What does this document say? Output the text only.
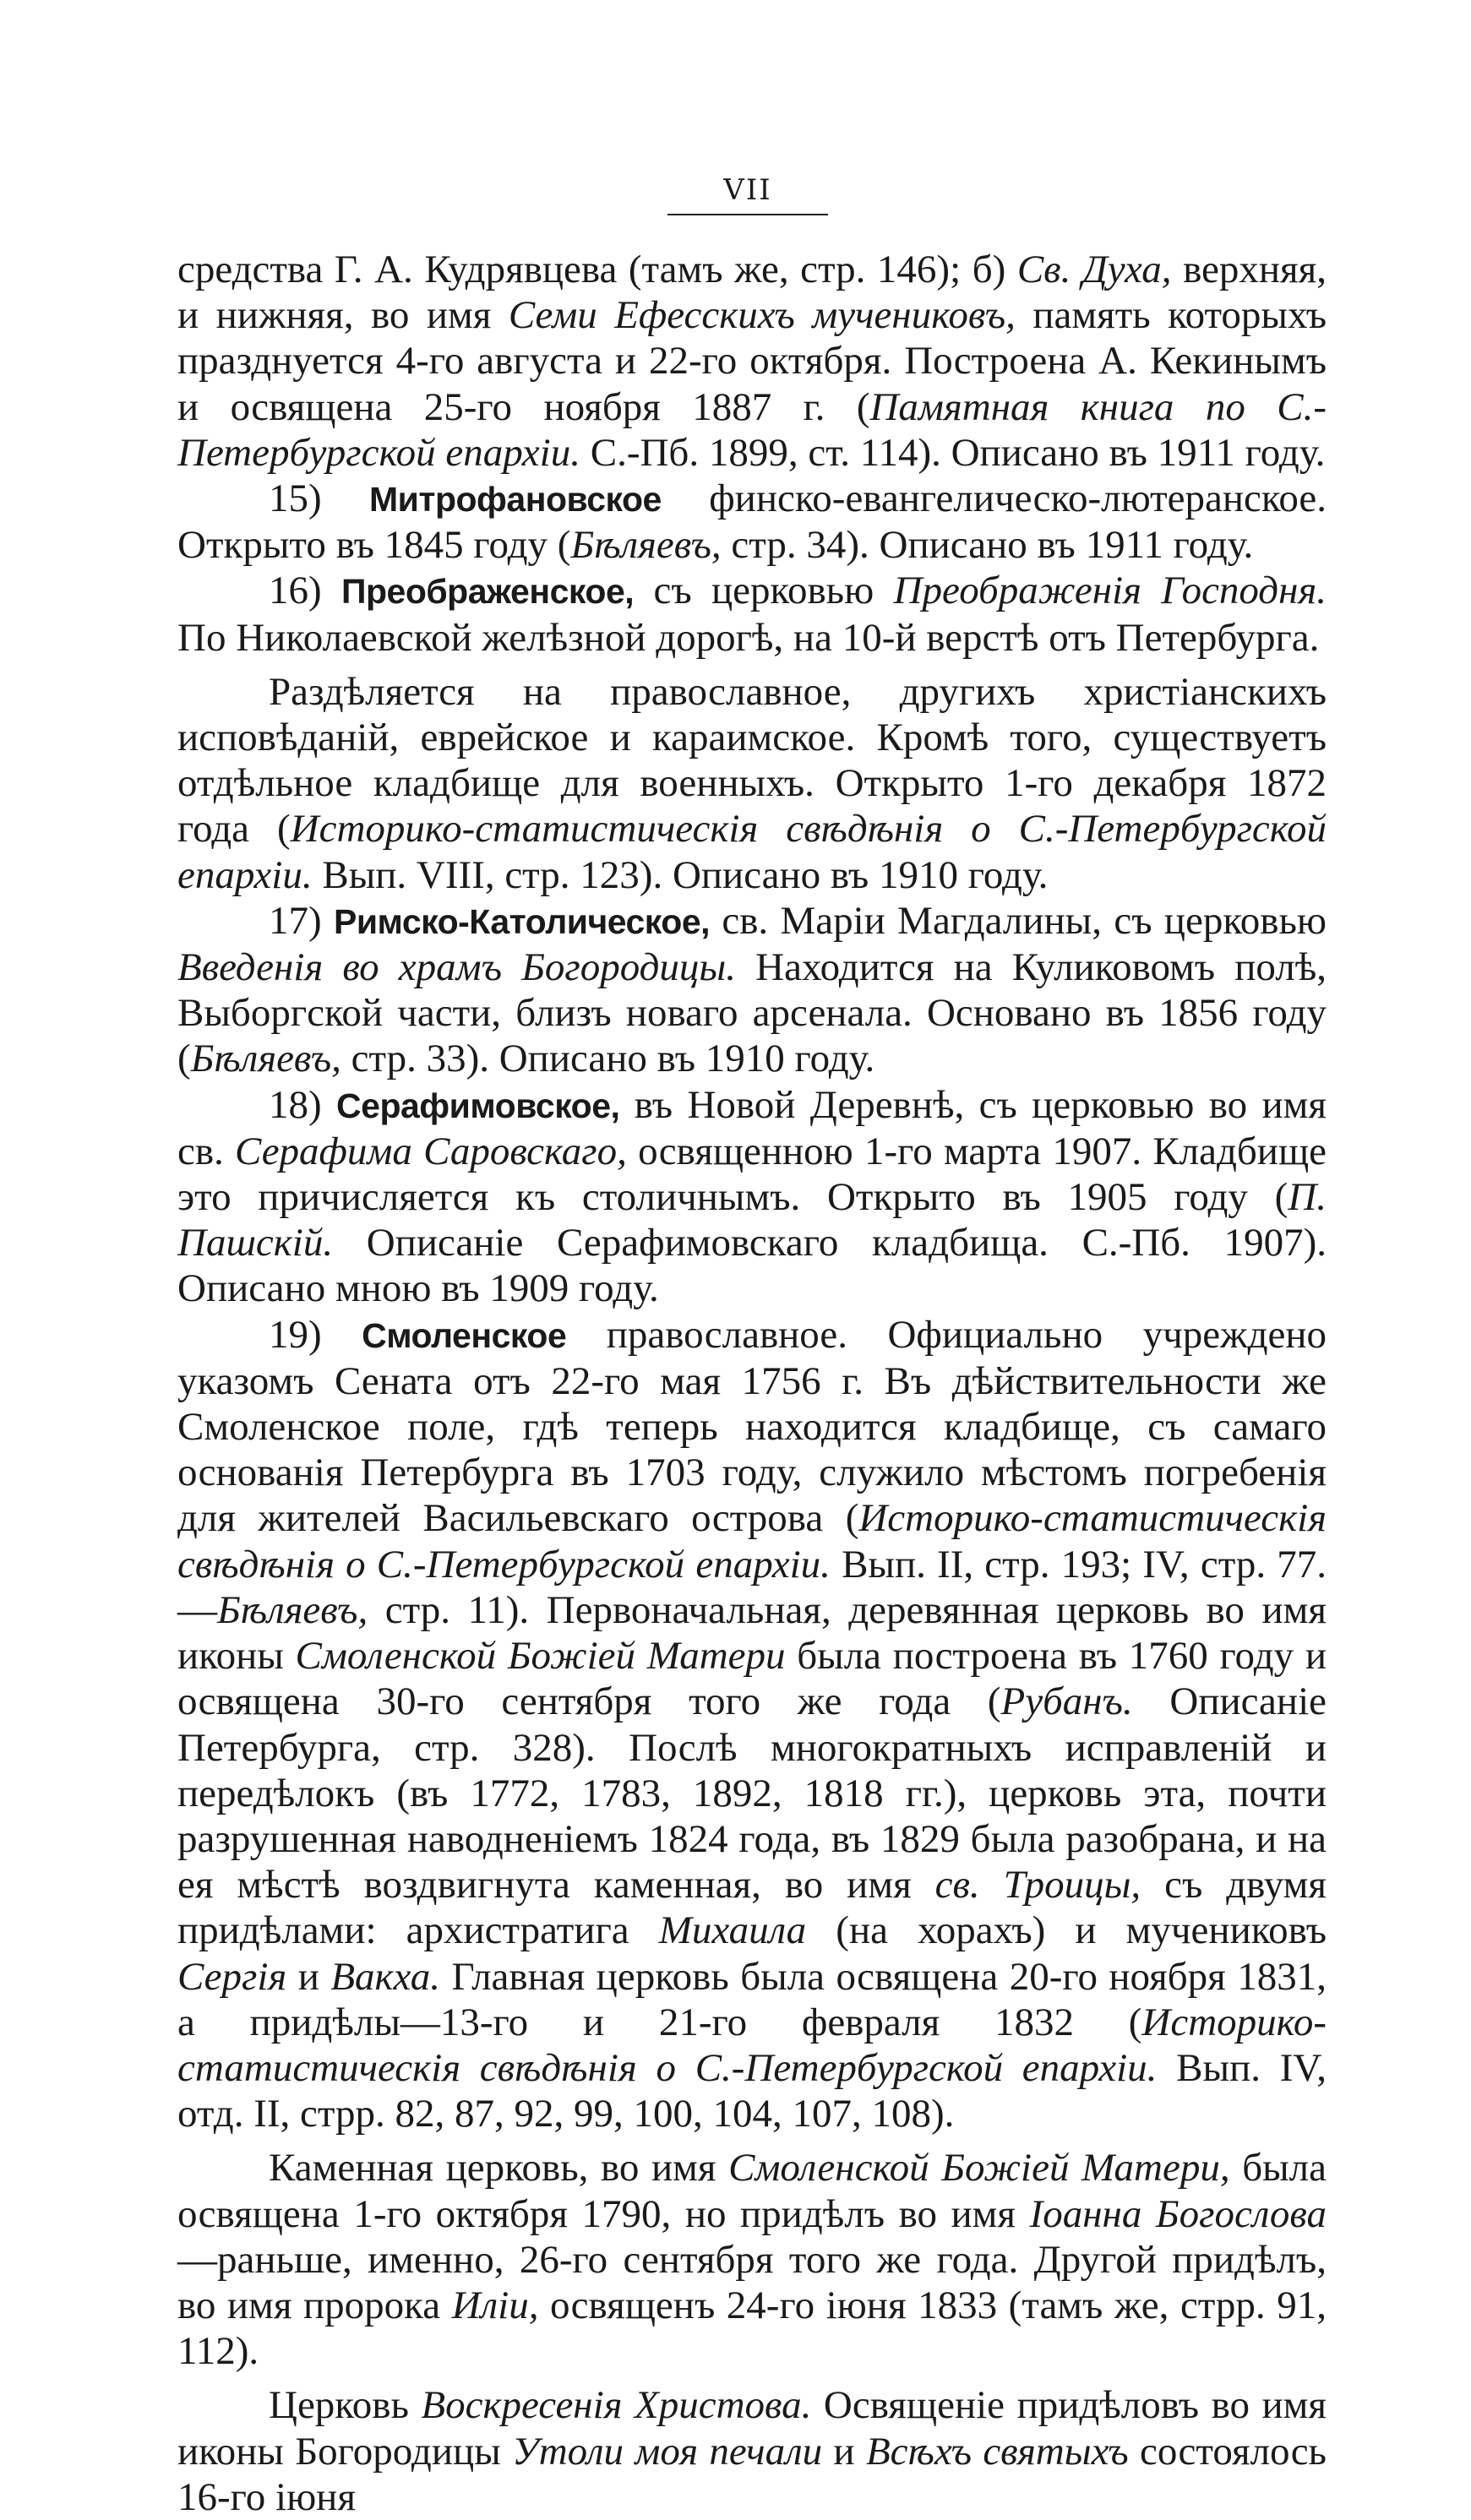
VII

средства Г. А. Кудрявцева (тамъ же, стр. 146); б) Св. Духа, верхняя, и нижняя, во имя Семи Ефесскихъ мучениковъ, память которыхъ празднуется 4-го августа и 22-го октября. Построена А. Кекинымъ и освящена 25-го ноября 1887 г. (Памятная книга по С.-Петербургской епархіи. С.-Пб. 1899, ст. 114). Описано въ 1911 году.

15) Митрофановское финско-евангелическо-лютеранское. Открыто въ 1845 году (Бѣляевъ, стр. 34). Описано въ 1911 году.

16) Преображенское, съ церковью Преображенія Господня. По Николаевской желѣзной дорогѣ, на 10-й верстѣ отъ Петербурга.

Раздѣляется на православное, другихъ христіанскихъ исповѣданій, еврейское и караимское. Кромѣ того, существуетъ отдѣльное кладбище для военныхъ. Открыто 1-го декабря 1872 года (Историко-статистическія свѣдѣнія о С.-Петербургской епархіи. Вып. VIII, стр. 123). Описано въ 1910 году.

17) Римско-Католическое, св. Маріи Магдалины, съ церковью Введенія во храмъ Богородицы. Находится на Куликовомъ полѣ, Выборгской части, близъ новаго арсенала. Основано въ 1856 году (Бѣляевъ, стр. 33). Описано въ 1910 году.

18) Серафимовское, въ Новой Деревнѣ, съ церковью во имя св. Серафима Саровскаго, освященною 1-го марта 1907. Кладбище это причисляется къ столичнымъ. Открыто въ 1905 году (П. Пашскій. Описаніе Серафимовскаго кладбища. С.-Пб. 1907). Описано мною въ 1909 году.

19) Смоленское православное. Официально учреждено указомъ Сената отъ 22-го мая 1756 г. Въ дѣйствительности же Смоленское поле, гдѣ теперь находится кладбище, съ самаго основанія Петербурга въ 1703 году, служило мѣстомъ погребенія для жителей Васильевскаго острова (Историко-статистическія свѣдѣнія о С.-Петербургской епархіи. Вып. II, стр. 193; IV, стр. 77.—Бѣляевъ, стр. 11). Первоначальная, деревянная церковь во имя иконы Смоленской Божіей Матери была построена въ 1760 году и освящена 30-го сентября того же года (Рубанъ. Описаніе Петербурга, стр. 328). Послѣ многократныхъ исправленій и передѣлокъ (въ 1772, 1783, 1892, 1818 гг.), церковь эта, почти разрушенная наводненіемъ 1824 года, въ 1829 была разобрана, и на ея мѣстѣ воздвигнута каменная, во имя св. Троицы, съ двумя придѣлами: архистратига Михаила (на хорахъ) и мучениковъ Сергія и Вакха. Главная церковь была освящена 20-го ноября 1831, а придѣлы—13-го и 21-го февраля 1832 (Историко-статистическія свѣдѣнія о С.-Петербургской епархіи. Вып. IV, отд. II, стрр. 82, 87, 92, 99, 100, 104, 107, 108).

Каменная церковь, во имя Смоленской Божіей Матери, была освящена 1-го октября 1790, но придѣлъ во имя Іоанна Богослова—раньше, именно, 26-го сентября того же года. Другой придѣлъ, во имя пророка Иліи, освященъ 24-го іюня 1833 (тамъ же, стрр. 91, 112).

Церковь Воскресенія Христова. Освященіе придѣловъ во имя иконы Богородицы Утоли моя печали и Всѣхъ святыхъ состоялось 16-го іюня
